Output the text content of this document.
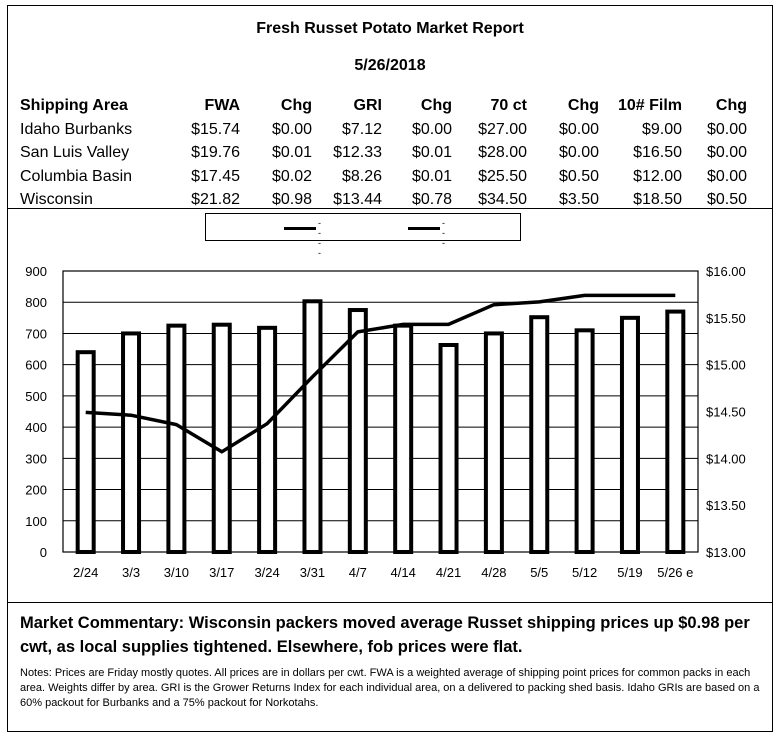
Fresh Russet Potato Market Report
5/26/2018
Shipping Area	FWA	Chg	GRI	Chg	70 ct	Chg	10# Film	Chg
Idaho Burbanks	$15.74	$0.00	$7.12	$0.00	$27.00	$0.00	$9.00	$0.00
San Luis Valley	$19.76	$0.01	$12.33	$0.01	$28.00	$0.00	$16.50	$0.00
Columbia Basin	$17.45	$0.02	$8.26	$0.01	$25.50	$0.50	$12.00	$0.00
Wisconsin	$21.82	$0.98	$13.44	$0.78	$34.50	$3.50	$18.50	$0.50
----
---
0
100
200
300
400
500
600
700
800
900
$13.00
$13.50
$14.00
$14.50
$15.00
$15.50
$16.00
2/24 3/3 3/10 3/17 3/24 3/31 4/7 4/14 4/21 4/28 5/5 5/12 5/19 5/26 e
Market Commentary: Wisconsin packers moved average Russet shipping prices up $0.98 per cwt, as local supplies tightened. Elsewhere, fob prices were flat.
Notes: Prices are Friday mostly quotes. All prices are in dollars per cwt. FWA is a weighted average of shipping point prices for common packs in each area. Weights differ by area. GRI is the Grower Returns Index for each individual area, on a delivered to packing shed basis. Idaho GRIs are based on a 60% packout for Burbanks and a 75% packout for Norkotahs.
